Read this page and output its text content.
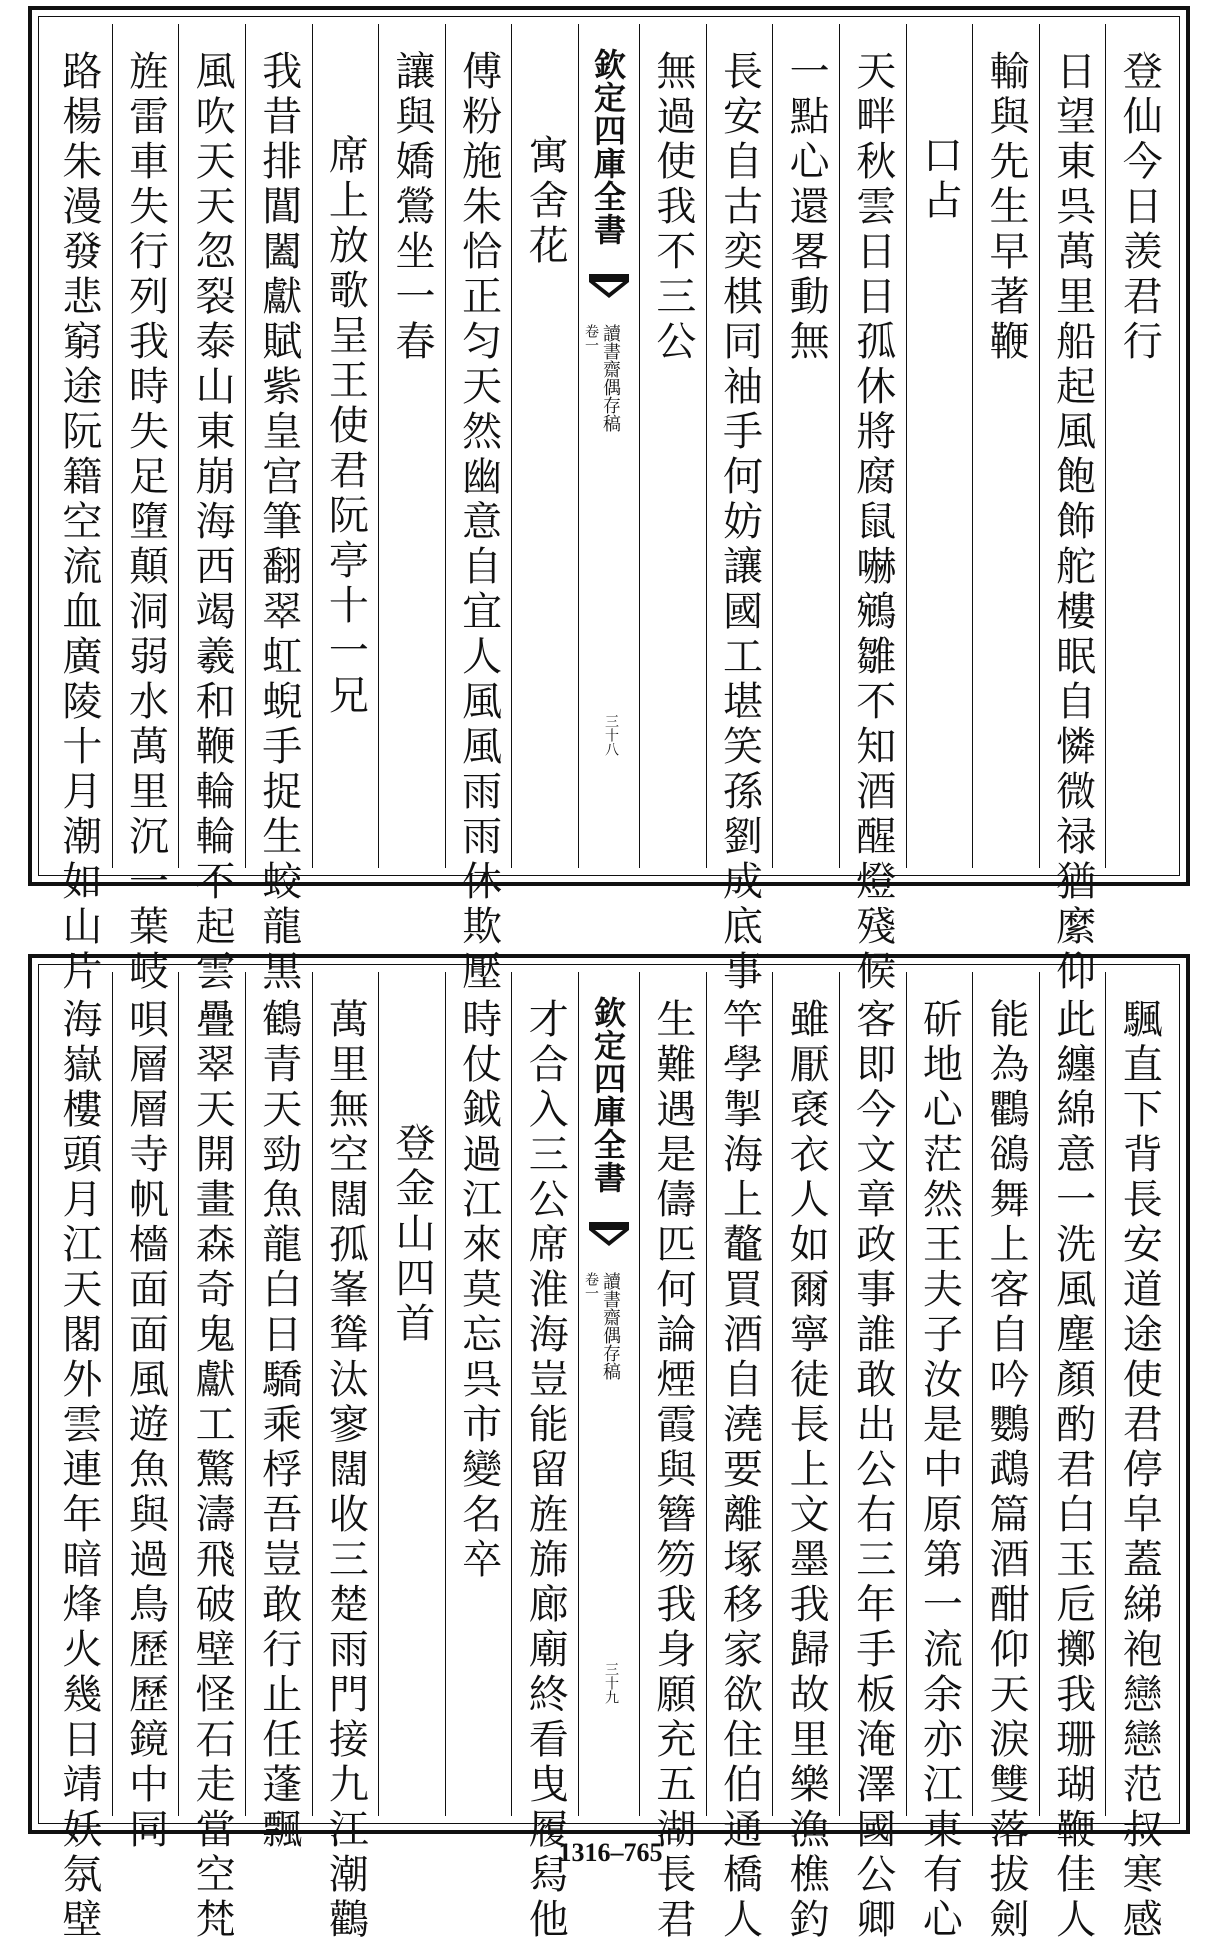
登仙今日羡君行
日望東呉萬里船起風飽飾舵樓眠自憐微禄猶縻仰
輸與先生早著鞭
口占
天畔秋雲日日孤休將腐鼠嚇鵷雛不知酒醒燈殘候
一點心還畧動無
長安自古奕棋同袖手何妨讓國工堪笑孫劉成底事
無過使我不三公
欽定四庫全書
讀書齋偶存稿
卷一
三十八
寓舍花
傅粉施朱恰正匀天然幽意自宜人風風雨雨休欺壓
讓與嬌鶯坐一春
席上放歌呈王使君阮亭十一兄
我昔排閶闔獻賦紫皇宫筆翻翠虹蜺手捉生蛟龍黒
風吹天天忽裂泰山東崩海西竭羲和鞭輪輪不起雲
旌雷車失行列我時失足墮顛洞弱水萬里沉一葉岐
路楊朱漫發悲窮途阮籍空流血廣陵十月潮如山片
颿直下背長安道途使君停皁蓋綈袍戀戀范叔寒感
此纏綿意一洗風塵顏酌君白玉卮擲我珊瑚鞭佳人
能為鸜鵒舞上客自吟鸚鵡篇酒酣仰天淚雙落拔劍
斫地心茫然王夫子汝是中原第一流余亦江東有心
客即今文章政事誰敢出公右三年手板淹澤國公卿
雖厭褎衣人如爾寧徒長上文墨我歸故里樂漁樵釣
竿學掣海上鼇買酒自澆要離塚移家欲住伯通橋人
生難遇是儔匹何論煙霞與簪笏我身願充五湖長君
欽定四庫全書
讀書齋偶存稿
卷一
三十九
才合入三公席淮海豈能留旌旆廊廟終看曳履舄他
時仗鉞過江來莫忘呉市變名卒
登金山四首
萬里無空闊孤峯聳汰寥闊收三楚雨門接九江潮鸛
鶴青天勁魚龍白日驕乘桴吾豈敢行止任蓬飄
疊翠天開畫森奇鬼獻工驚濤飛破壁怪石走當空梵
唄層層寺帆檣面面風遊魚與過鳥歷歷鏡中同
海嶽樓頭月江天閣外雲連年暗烽火幾日靖妖氛壁	1316–765
